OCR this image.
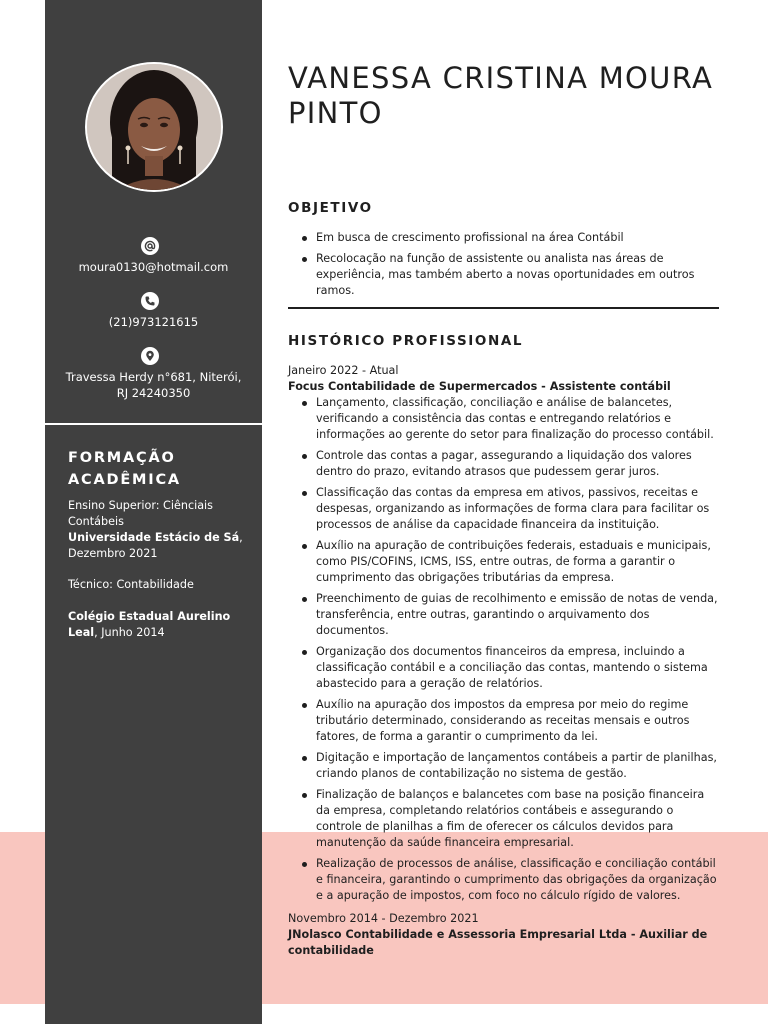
moura0130@hotmail.com
(21)973121615
Travessa Herdy n°681, Niterói, RJ 24240350
FORMAÇÃO ACADÊMICA
Ensino Superior: Ciênciais Contábeis
Universidade Estácio de Sá, Dezembro 2021
Técnico: Contabilidade

Colégio Estadual Aurelino Leal, Junho 2014
VANESSA CRISTINA MOURA PINTO
OBJETIVO
Em busca de crescimento profissional na área Contábil
Recolocação na função de assistente ou analista nas áreas de experiência, mas também aberto a novas oportunidades em outros ramos.
HISTÓRICO PROFISSIONAL
Janeiro 2022 - Atual
Focus Contabilidade de Supermercados - Assistente contábil
Lançamento, classificação, conciliação e análise de balancetes, verificando a consistência das contas e entregando relatórios e informações ao gerente do setor para finalização do processo contábil.
Controle das contas a pagar, assegurando a liquidação dos valores dentro do prazo, evitando atrasos que pudessem gerar juros.
Classificação das contas da empresa em ativos, passivos, receitas e despesas, organizando as informações de forma clara para facilitar os processos de análise da capacidade financeira da instituição.
Auxílio na apuração de contribuições federais, estaduais e municipais, como PIS/COFINS, ICMS, ISS, entre outras, de forma a garantir o cumprimento das obrigações tributárias da empresa.
Preenchimento de guias de recolhimento e emissão de notas de venda, transferência, entre outras, garantindo o arquivamento dos documentos.
Organização dos documentos financeiros da empresa, incluindo a classificação contábil e a conciliação das contas, mantendo o sistema abastecido para a geração de relatórios.
Auxílio na apuração dos impostos da empresa por meio do regime tributário determinado, considerando as receitas mensais e outros fatores, de forma a garantir o cumprimento da lei.
Digitação e importação de lançamentos contábeis a partir de planilhas, criando planos de contabilização no sistema de gestão.
Finalização de balanços e balancetes com base na posição financeira da empresa, completando relatórios contábeis e assegurando o controle de planilhas a fim de oferecer os cálculos devidos para manutenção da saúde financeira empresarial.
Realização de processos de análise, classificação e conciliação contábil e financeira, garantindo o cumprimento das obrigações da organização e a apuração de impostos, com foco no cálculo rígido de valores.
Novembro 2014 - Dezembro 2021
JNolasco Contabilidade e Assessoria Empresarial Ltda - Auxiliar de contabilidade
